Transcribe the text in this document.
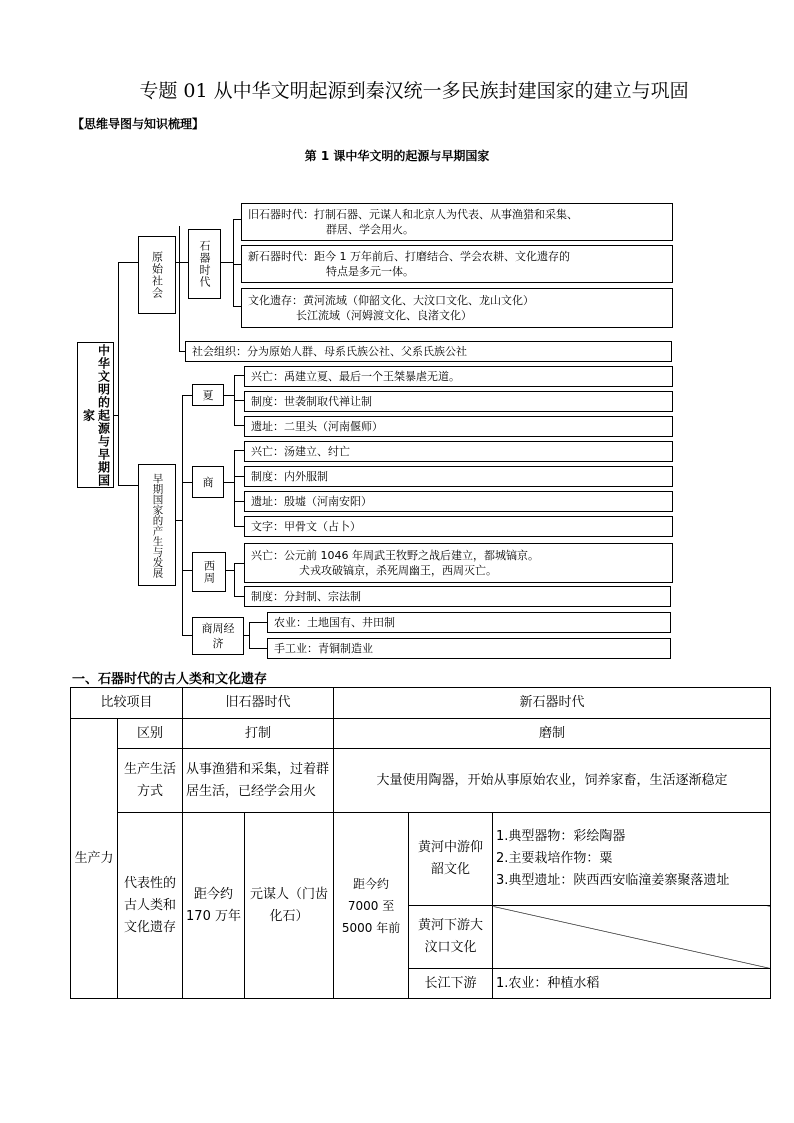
专题 01 从中华文明起源到秦汉统一多民族封建国家的建立与巩固
【思维导图与知识梳理】
第 1 课中华文明的起源与早期国家
中华文明的起源与早期国家
原始社会	石器时代
旧石器时代：打制石器、元谋人和北京人为代表、从事渔猎和采集、
群居、学会用火。
新石器时代：距今 1 万年前后、打磨结合、学会农耕、文化遗存的
特点是多元一体。
文化遗存：黄河流域（仰韶文化、大汶口文化、龙山文化）
长江流域（河姆渡文化、良渚文化）
社会组织：分为原始人群、母系氏族公社、父系氏族公社
早期国家的产生与发展
夏
兴亡：禹建立夏、最后一个王桀暴虐无道。
制度：世袭制取代禅让制
遗址：二里头（河南偃师）
商
兴亡：汤建立、纣亡
制度：内外服制
遗址：殷墟（河南安阳）
文字：甲骨文（占卜）
西周
兴亡：公元前 1046 年周武王牧野之战后建立，都城镐京。
犬戎攻破镐京，杀死周幽王，西周灭亡。
制度：分封制、宗法制
商周经济
农业：土地国有、井田制
手工业：青铜制造业
一、石器时代的古人类和文化遗存
比较项目		旧石器时代		新石器时代		
生产力	区别	打制		磨制		
	生产生活方式	从事渔猎和采集，过着群居生活，已经学会用火		大量使用陶器，开始从事原始农业，饲养家畜，生活逐渐稳定		
	代表性的古人类和文化遗存	距今约 170 万年	元谋人（门齿化石）	距今约 7000 至 5000 年前	黄河中游仰韶文化	1.典型器物：彩绘陶器
2.主要栽培作物：粟
3.典型遗址：陕西西安临潼姜寨聚落遗址

					黄河下游大汶口文化	
					长江下游	1.农业：种植水稻
